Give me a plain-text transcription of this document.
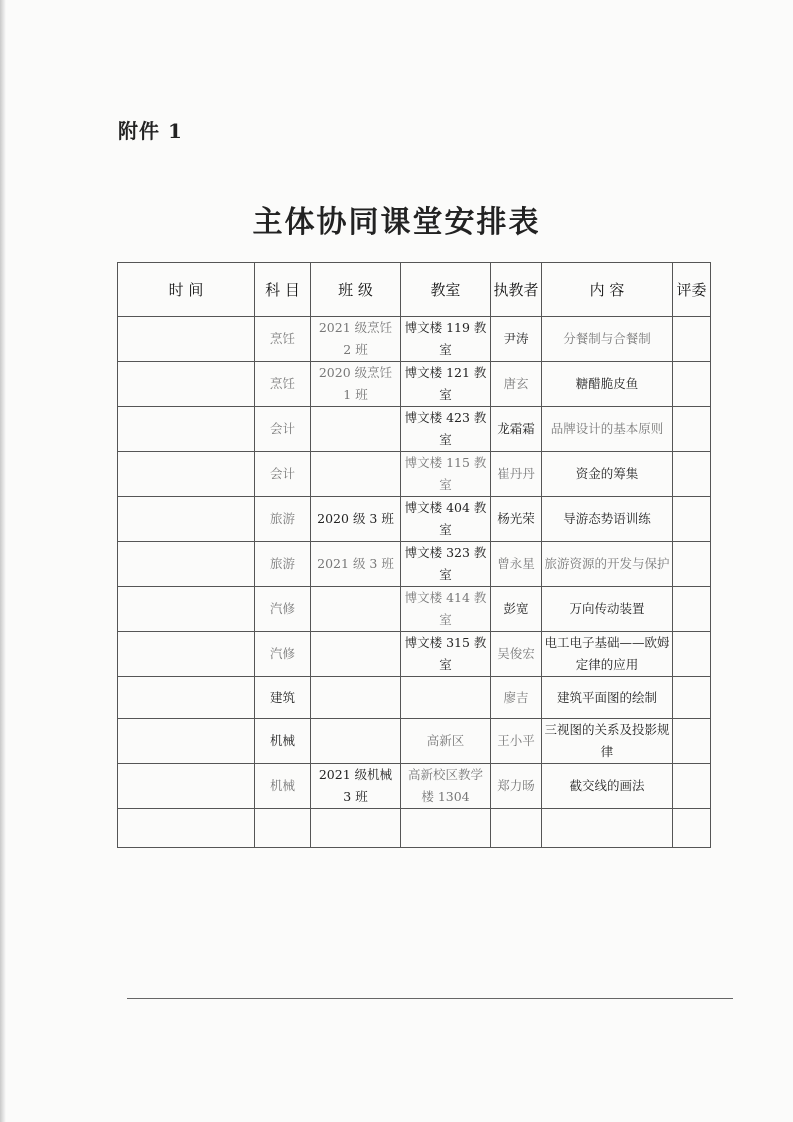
附件 1
主体协同课堂安排表
时 间	科 目	班 级	教室	执教者	内 容	评委
	烹饪	2021 级烹饪 2 班	博文楼 119 教室	尹涛	分餐制与合餐制	
	烹饪	2020 级烹饪 1 班	博文楼 121 教室	唐玄	糖醋脆皮鱼	
	会计		博文楼 423 教室	龙霜霜	品牌设计的基本原则	
	会计		博文楼 115 教室	崔丹丹	资金的筹集	
	旅游	2020 级 3 班	博文楼 404 教室	杨光荣	导游态势语训练	
	旅游	2021 级 3 班	博文楼 323 教室	曾永星	旅游资源的开发与保护	
	汽修		博文楼 414 教室	彭宽	万向传动装置	
	汽修		博文楼 315 教室	吴俊宏	电工电子基础——欧姆定律的应用	
	建筑			廖吉	建筑平面图的绘制	
	机械		高新区	王小平	三视图的关系及投影规律	
	机械	2021 级机械 3 班	高新校区教学楼 1304	郑力旸	截交线的画法	
